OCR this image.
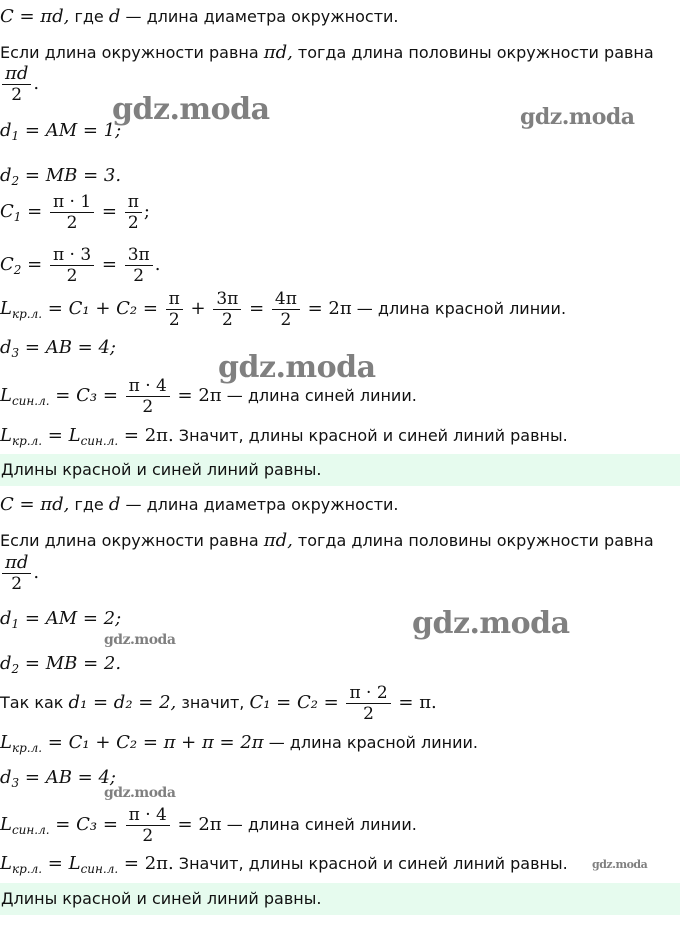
C = πd, где d — длина диаметра окружности.
Если длина окружности равна πd, тогда длина половины окружности равна
$\frac{\pi d}{2}$ .
$d_1$ = AM = 1;
$d_2$ = MB = 3.
$C_1 = \frac{\pi \cdot 1}{2} = \frac{\pi}{2}$ ;
$C_2 = \frac{\pi \cdot 3}{2} = \frac{3\pi}{2}$ .
$L_{кр.л.} = C_1 + C_2 = \frac{\pi}{2} + \frac{3\pi}{2} = \frac{4\pi}{2} = 2\pi$ — длина красной линии.
$d_3$ = AB = 4;
$L_{син.л.} = C_3 = \frac{\pi \cdot 4}{2} = 2\pi$ — длина синей линии.
$L_{кр.л.} = L_{син.л.} = 2\pi$. Значит, длины красной и синей линий равны.
Длины красной и синей линий равны.
C = πd, где d — длина диаметра окружности.
Если длина окружности равна πd, тогда длина половины окружности равна
$\frac{\pi d}{2}$ .
$d_1$ = AM = 2;
$d_2$ = MB = 2.
Так как d₁ = d₂ = 2, значит, $C_1 = C_2 = \frac{\pi \cdot 2}{2} = \pi$.
$L_{кр.л.} = C_1 + C_2 = \pi + \pi = 2\pi$ — длина красной линии.
$d_3$ = AB = 4;
$L_{син.л.} = C_3 = \frac{\pi \cdot 4}{2} = 2\pi$ — длина синей линии.
$L_{кр.л.} = L_{син.л.} = 2\pi$. Значит, длины красной и синей линий равны.
Длины красной и синей линий равны.
gdz.moda	gdz.moda
gdz.moda
gdz.moda
gdz.moda
gdz.moda
gdz.moda
